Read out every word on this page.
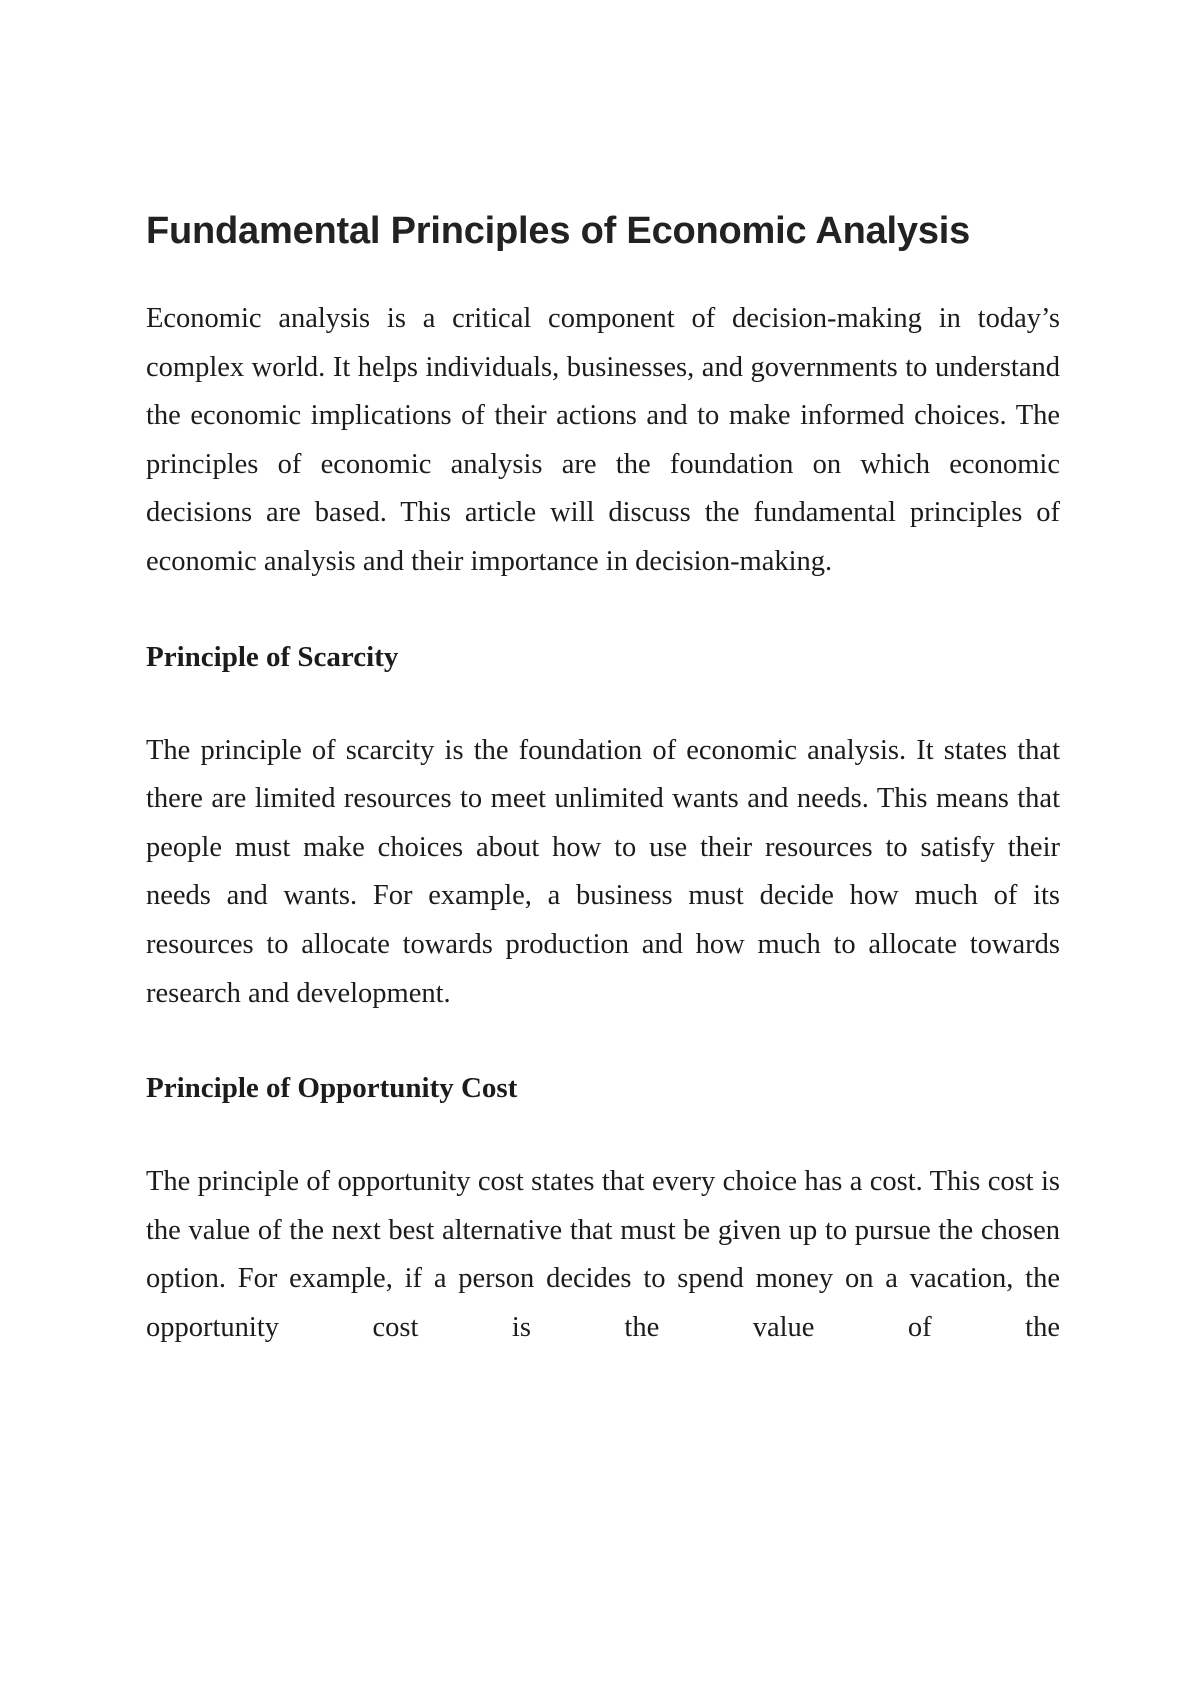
Fundamental Principles of Economic Analysis

Economic analysis is a critical component of decision-making in today’s complex world. It helps individuals, businesses, and governments to understand the economic implications of their actions and to make informed choices. The principles of economic analysis are the foundation on which economic decisions are based. This article will discuss the fundamental principles of economic analysis and their importance in decision-making.

Principle of Scarcity

The principle of scarcity is the foundation of economic analysis. It states that there are limited resources to meet unlimited wants and needs. This means that people must make choices about how to use their resources to satisfy their needs and wants. For example, a business must decide how much of its resources to allocate towards production and how much to allocate towards research and development.

Principle of Opportunity Cost

The principle of opportunity cost states that every choice has a cost. This cost is the value of the next best alternative that must be given up to pursue the chosen option. For example, if a person decides to spend money on a vacation, the opportunity cost is the value of the
